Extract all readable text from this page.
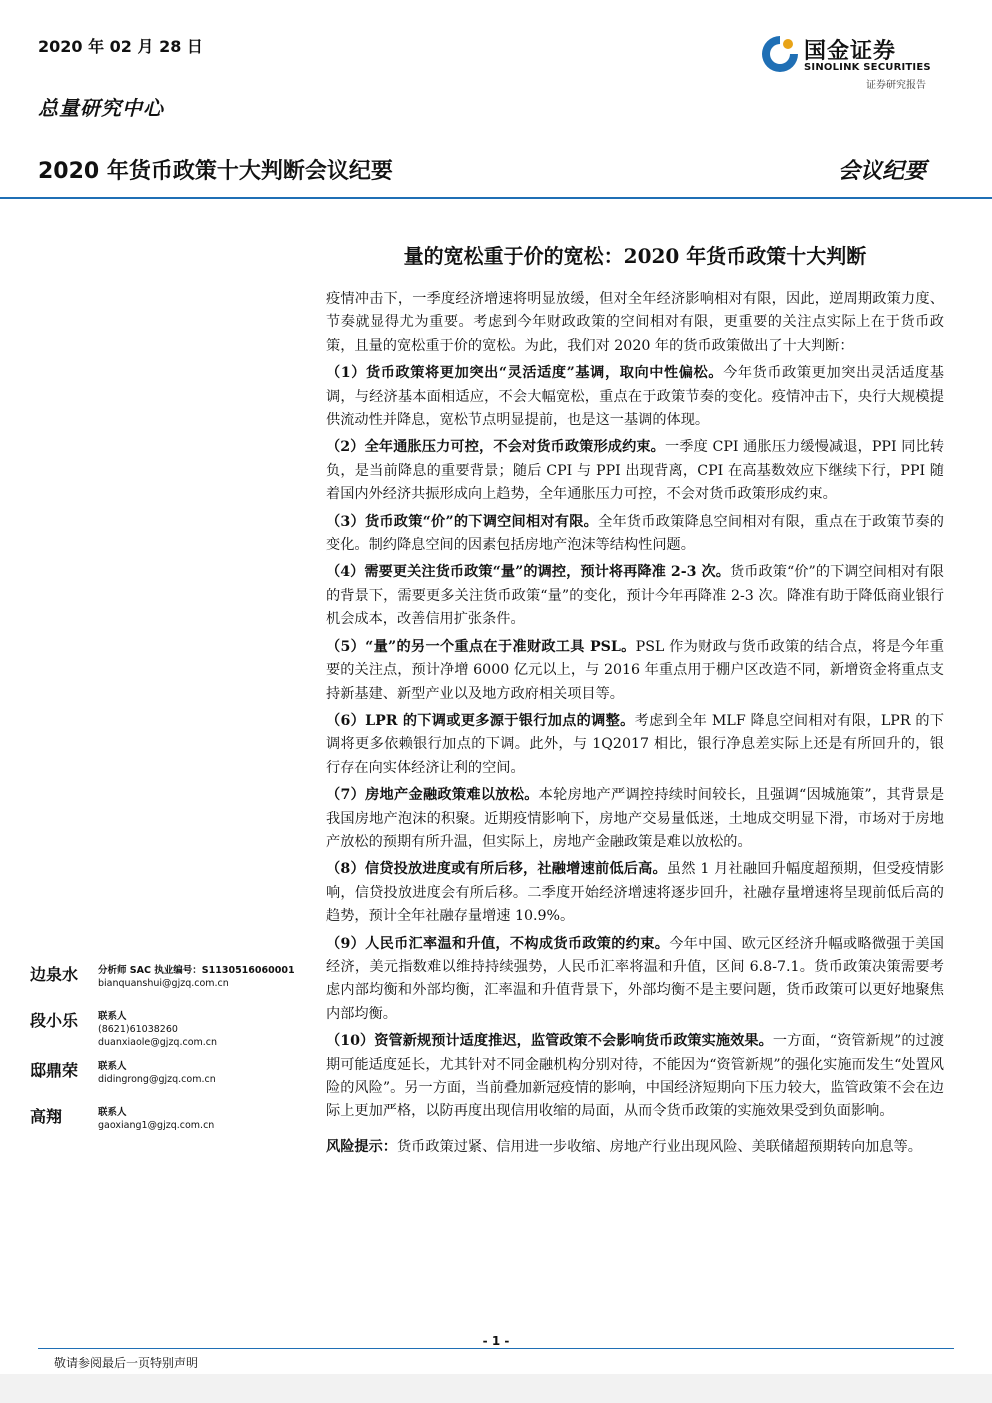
2020 年 02 月 28 日
总量研究中心
国金证券
SINOLINK SECURITIES
证券研究报告
2020 年货币政策十大判断会议纪要	会议纪要
量的宽松重于价的宽松：2020 年货币政策十大判断

疫情冲击下，一季度经济增速将明显放缓，但对全年经济影响相对有限，因此，逆周期政策力度、节奏就显得尤为重要。考虑到今年财政政策的空间相对有限，更重要的关注点实际上在于货币政策，且量的宽松重于价的宽松。为此，我们对 2020 年的货币政策做出了十大判断：

（1）货币政策将更加突出“灵活适度”基调，取向中性偏松。今年货币政策更加突出灵活适度基调，与经济基本面相适应，不会大幅宽松，重点在于政策节奏的变化。疫情冲击下，央行大规模提供流动性并降息，宽松节点明显提前，也是这一基调的体现。

（2）全年通胀压力可控，不会对货币政策形成约束。一季度 CPI 通胀压力缓慢减退，PPI 同比转负，是当前降息的重要背景；随后 CPI 与 PPI 出现背离，CPI 在高基数效应下继续下行，PPI 随着国内外经济共振形成向上趋势，全年通胀压力可控，不会对货币政策形成约束。

（3）货币政策“价”的下调空间相对有限。全年货币政策降息空间相对有限，重点在于政策节奏的变化。制约降息空间的因素包括房地产泡沫等结构性问题。

（4）需要更关注货币政策“量”的调控，预计将再降准 2-3 次。货币政策“价”的下调空间相对有限的背景下，需要更多关注货币政策“量”的变化，预计今年再降准 2-3 次。降准有助于降低商业银行机会成本，改善信用扩张条件。

（5）“量”的另一个重点在于准财政工具 PSL。PSL 作为财政与货币政策的结合点，将是今年重要的关注点，预计净增 6000 亿元以上，与 2016 年重点用于棚户区改造不同，新增资金将重点支持新基建、新型产业以及地方政府相关项目等。

（6）LPR 的下调或更多源于银行加点的调整。考虑到全年 MLF 降息空间相对有限，LPR 的下调将更多依赖银行加点的下调。此外，与 1Q2017 相比，银行净息差实际上还是有所回升的，银行存在向实体经济让利的空间。

（7）房地产金融政策难以放松。本轮房地产严调控持续时间较长，且强调“因城施策”，其背景是我国房地产泡沫的积聚。近期疫情影响下，房地产交易量低迷，土地成交明显下滑，市场对于房地产放松的预期有所升温，但实际上，房地产金融政策是难以放松的。

（8）信贷投放进度或有所后移，社融增速前低后高。虽然 1 月社融回升幅度超预期，但受疫情影响，信贷投放进度会有所后移。二季度开始经济增速将逐步回升，社融存量增速将呈现前低后高的趋势，预计全年社融存量增速 10.9%。

（9）人民币汇率温和升值，不构成货币政策的约束。今年中国、欧元区经济升幅或略微强于美国经济，美元指数难以维持持续强势，人民币汇率将温和升值，区间 6.8-7.1。货币政策决策需要考虑内部均衡和外部均衡，汇率温和升值背景下，外部均衡不是主要问题，货币政策可以更好地聚焦内部均衡。

（10）资管新规预计适度推迟，监管政策不会影响货币政策实施效果。一方面，“资管新规”的过渡期可能适度延长，尤其针对不同金融机构分别对待，不能因为“资管新规”的强化实施而发生“处置风险的风险”。另一方面，当前叠加新冠疫情的影响，中国经济短期向下压力较大，监管政策不会在边际上更加严格，以防再度出现信用收缩的局面，从而令货币政策的实施效果受到负面影响。

风险提示：货币政策过紧、信用进一步收缩、房地产行业出现风险、美联储超预期转向加息等。

边泉水 分析师 SAC 执业编号：S1130516060001
bianquanshui@gjzq.com.cn
段小乐 联系人
(8621)61038260
duanxiaole@gjzq.com.cn
邸鼎荣 联系人
didingrong@gjzq.com.cn
高翔	联系人
gaoxiang1@gjzq.com.cn
- 1 -
敬请参阅最后一页特别声明
